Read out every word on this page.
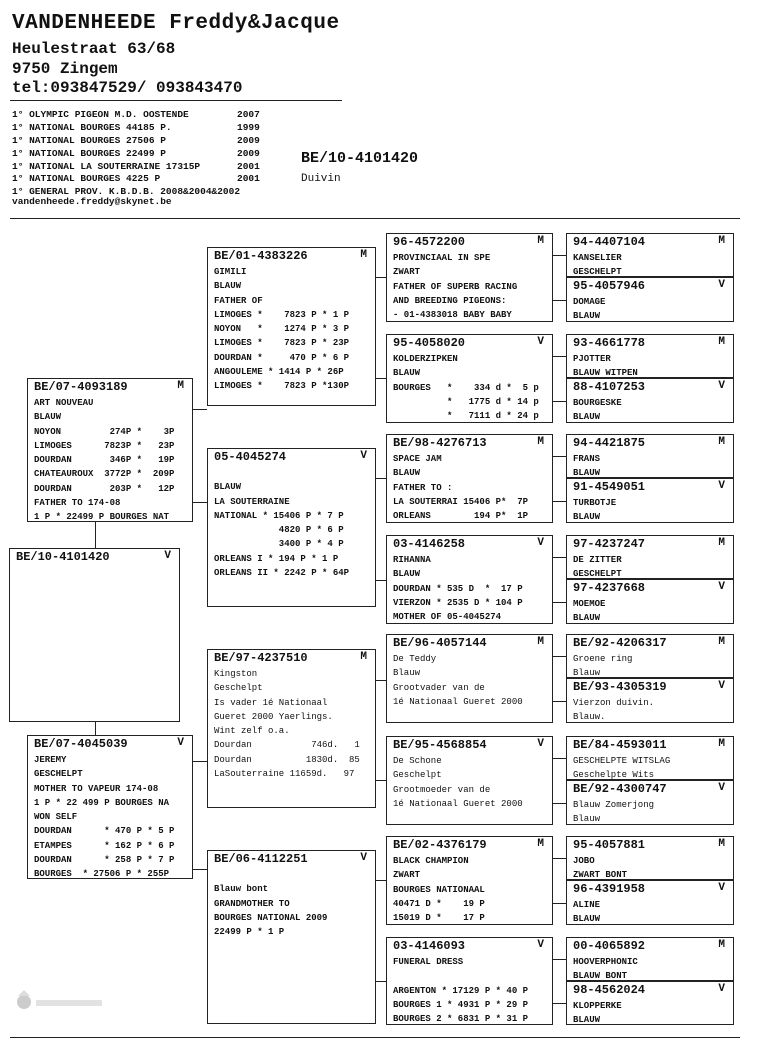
VANDENHEEDE Freddy&Jacque
Heulestraat 63/68
9750 Zingem
tel:093847529/ 093843470
1° OLYMPIC PIGEON M.D. OOSTENDE	2007
1° NATIONAL BOURGES 44185 P.	1999
1° NATIONAL BOURGES 27506 P	2009
1° NATIONAL BOURGES 22499 P	2009
1° NATIONAL LA SOUTERRAINE 17315P	2001
1° NATIONAL BOURGES 4225 P	2001
1° GENERAL PROV. K.B.D.B. 2008&2004&2002
vandenheede.freddy@skynet.be
BE/10-4101420
Duivin
BE/10-4101420	V
BE/07-4093189	M
ART NOUVEAU
BLAUW
NOYON         274P *    3P
LIMOGES      7823P *   23P
DOURDAN       346P *   19P
CHATEAUROUX  3772P *  209P
DOURDAN       203P *   12P
FATHER TO 174-08
1 P * 22499 P BOURGES NAT
BE/07-4045039	V
JEREMY
GESCHELPT
MOTHER TO VAPEUR 174-08
1 P * 22 499 P BOURGES NA
WON SELF
DOURDAN      * 470 P * 5 P
ETAMPES      * 162 P * 6 P
DOURDAN      * 258 P * 7 P
BOURGES  * 27506 P * 255P
BE/01-4383226	M
GIMILI
BLAUW
FATHER OF
LIMOGES *    7823 P * 1 P
NOYON   *    1274 P * 3 P
LIMOGES *    7823 P * 23P
DOURDAN *     470 P * 6 P
ANGOULEME * 1414 P * 26P
LIMOGES *    7823 P *130P
05-4045274	V
BLAUW
LA SOUTERRAINE
NATIONAL * 15406 P * 7 P
4820 P * 6 P
3400 P * 4 P
ORLEANS I * 194 P * 1 P
ORLEANS II * 2242 P * 64P
BE/97-4237510	M
Kingston
Geschelpt
Is vader 1é Nationaal
Gueret 2000 Yaerlings.
Wint zelf o.a.
Dourdan           746d.   1
Dourdan          1830d.  85
LaSouterraine 11659d.   97
BE/06-4112251	V
Blauw bont
GRANDMOTHER TO
BOURGES NATIONAL 2009
22499 P * 1 P
96-4572200	M
PROVINCIAAL IN SPE
ZWART
FATHER OF SUPERB RACING
AND BREEDING PIGEONS:
- 01-4383018 BABY BABY
95-4058020	V
KOLDERZIPKEN
BLAUW
BOURGES   *    334 d *  5 p
*   1775 d * 14 p
*   7111 d * 24 p
BE/98-4276713	M
SPACE JAM
BLAUW
FATHER TO :
LA SOUTERRAI 15406 P*  7P
ORLEANS        194 P*  1P
03-4146258	V
RIHANNA
BLAUW
DOURDAN * 535 D  *  17 P
VIERZON * 2535 D * 104 P
MOTHER OF 05-4045274
BE/96-4057144	M
De Teddy
Blauw
Grootvader van de
1é Nationaal Gueret 2000
BE/95-4568854	V
De Schone
Geschelpt
Grootmoeder van de
1é Nationaal Gueret 2000
BE/02-4376179	M
BLACK CHAMPION
ZWART
BOURGES NATIONAAL
40471 D *    19 P
15019 D *    17 P
03-4146093	V
FUNERAL DRESS
ARGENTON * 17129 P * 40 P
BOURGES 1 * 4931 P * 29 P
BOURGES 2 * 6831 P * 31 P
94-4407104	M
KANSELIER
GESCHELPT
95-4057946	V
DOMAGE
BLAUW
93-4661778	M
PJOTTER
BLAUW WITPEN
88-4107253	V
BOURGESKE
BLAUW
94-4421875	M
FRANS
BLAUW
91-4549051	V
TURBOTJE
BLAUW
97-4237247	M
DE ZITTER
GESCHELPT
97-4237668	V
MOEMOE
BLAUW
BE/92-4206317	M
Groene ring
Blauw
BE/93-4305319	V
Vierzon duivin.
Blauw.
BE/84-4593011	M
GESCHELPTE WITSLAG
Geschelpte Wits
BE/92-4300747	V
Blauw Zomerjong
Blauw
95-4057881	M
JOBO
ZWART BONT
96-4391958	V
ALINE
BLAUW
00-4065892	M
HOOVERPHONIC
BLAUW BONT
98-4562024	V
KLOPPERKE
BLAUW
